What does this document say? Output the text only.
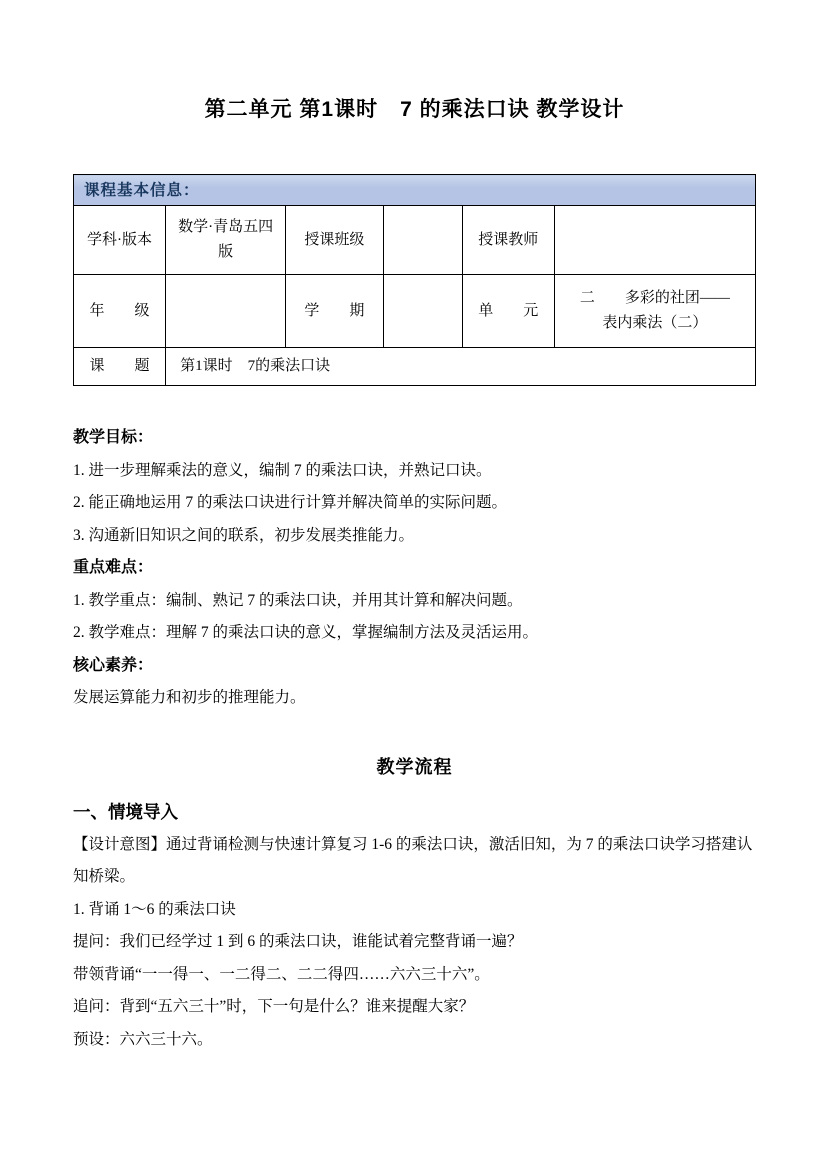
第二单元 第1课时　7 的乘法口诀 教学设计
课程基本信息：					
学科·版本	数学·青岛五四版	授课班级		授课教师	
年　　级		学　　期		单　　元	二　　多彩的社团——
表内乘法（二）

课　　题	第1课时　7的乘法口诀				

教学目标：

1. 进一步理解乘法的意义，编制 7 的乘法口诀，并熟记口诀。

2. 能正确地运用 7 的乘法口诀进行计算并解决简单的实际问题。

3. 沟通新旧知识之间的联系，初步发展类推能力。

重点难点：

1. 教学重点：编制、熟记 7 的乘法口诀，并用其计算和解决问题。

2. 教学难点：理解 7 的乘法口诀的意义，掌握编制方法及灵活运用。

核心素养：

发展运算能力和初步的推理能力。

教学流程
一、情境导入

【设计意图】通过背诵检测与快速计算复习 1-6 的乘法口诀，激活旧知，为 7 的乘法口诀学习搭建认知桥梁。

1. 背诵 1～6 的乘法口诀

提问：我们已经学过 1 到 6 的乘法口诀，谁能试着完整背诵一遍？

带领背诵“一一得一、一二得二、二二得四……六六三十六”。

追问：背到“五六三十”时，下一句是什么？谁来提醒大家？

预设：六六三十六。
